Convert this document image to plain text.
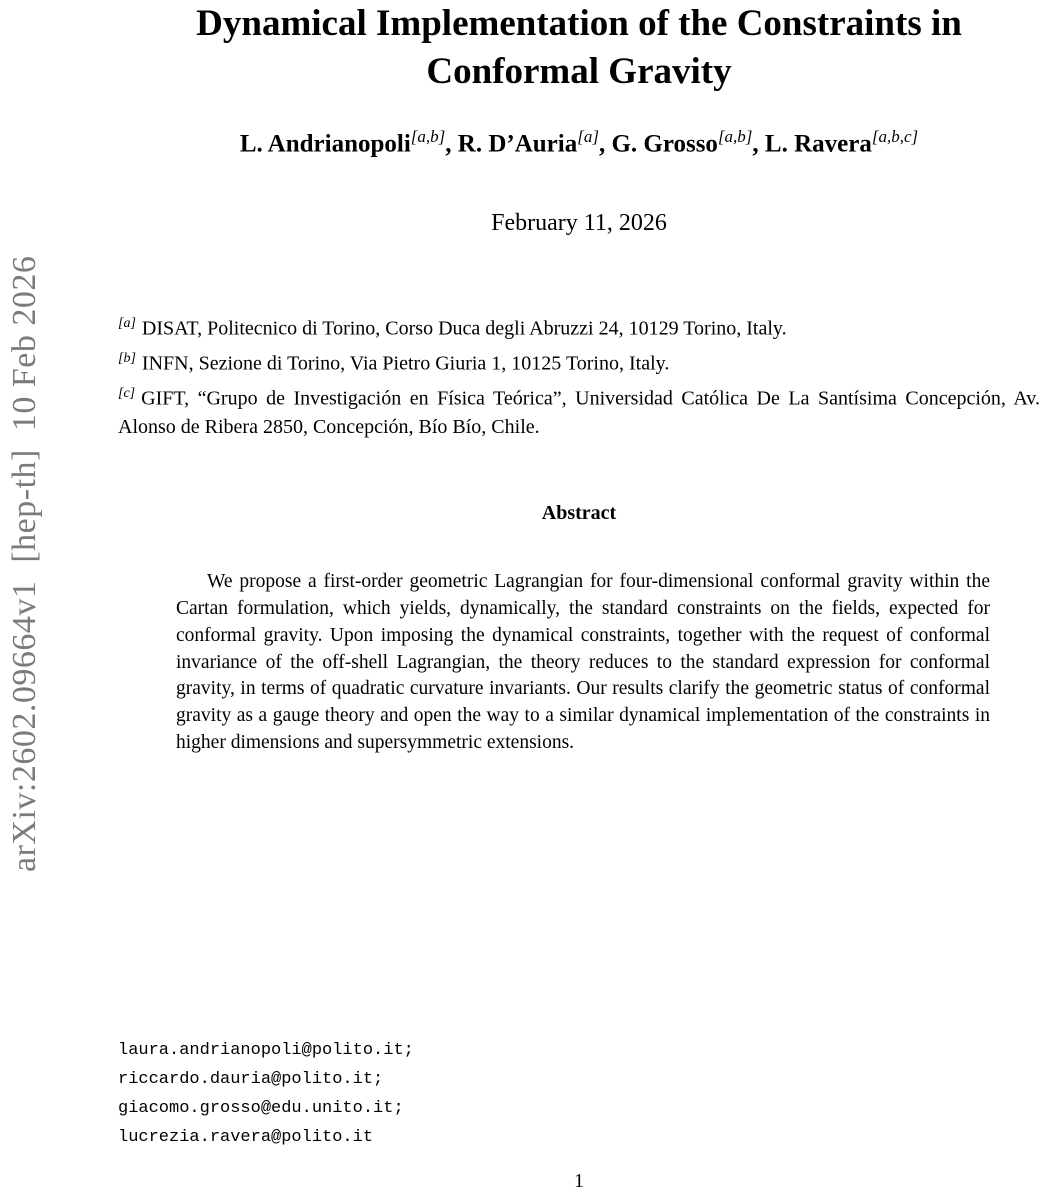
arXiv:2602.09664v1  [hep-th]  10 Feb 2026
Dynamical Implementation of the Constraints in
Conformal Gravity
L. Andrianopoli[a,b], R. D’Auria[a], G. Grosso[a,b], L. Ravera[a,b,c]
February 11, 2026
[a] DISAT, Politecnico di Torino, Corso Duca degli Abruzzi 24, 10129 Torino, Italy.
[b] INFN, Sezione di Torino, Via Pietro Giuria 1, 10125 Torino, Italy.
[c] GIFT, “Grupo de Investigación en Física Teórica”, Universidad Católica De La Santísima Concepción, Av. Alonso de Ribera 2850, Concepción, Bío Bío, Chile.
Abstract
We propose a first-order geometric Lagrangian for four-dimensional conformal gravity within the Cartan formulation, which yields, dynamically, the standard constraints on the fields, expected for conformal gravity. Upon imposing the dynamical constraints, together with the request of conformal invariance of the off-shell Lagrangian, the theory reduces to the standard expression for conformal gravity, in terms of quadratic curvature invariants. Our results clarify the geometric status of conformal gravity as a gauge theory and open the way to a similar dynamical implementation of the constraints in higher dimensions and supersymmetric extensions.
laura.andrianopoli@polito.it;
riccardo.dauria@polito.it;
giacomo.grosso@edu.unito.it;
lucrezia.ravera@polito.it
1
